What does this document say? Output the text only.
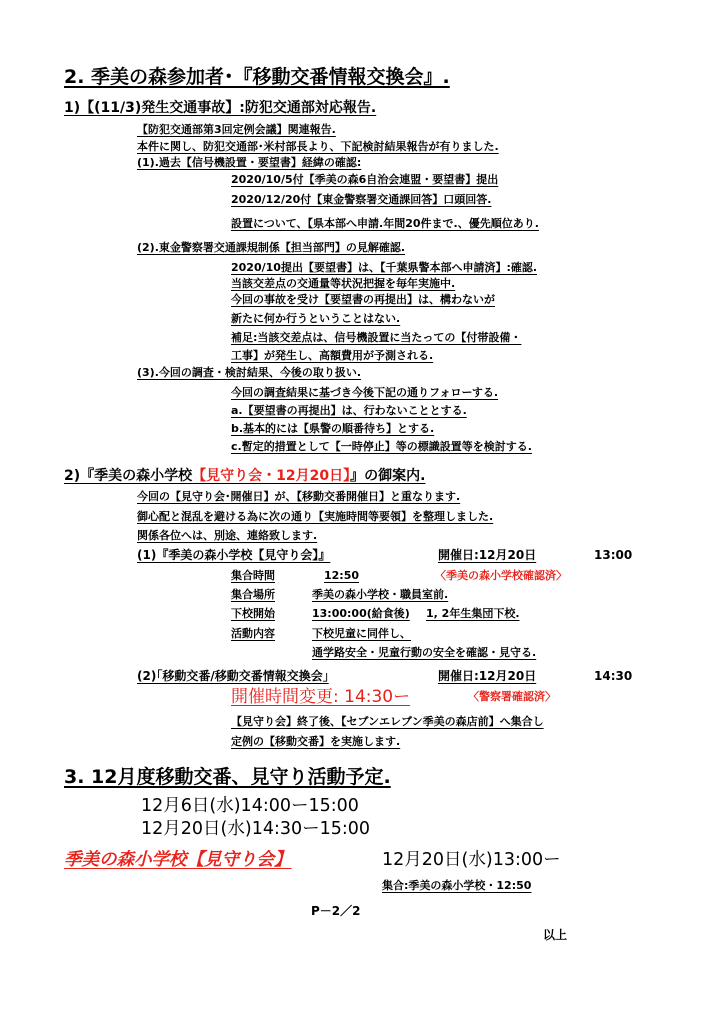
2. 季美の森参加者･『移動交番情報交換会』.
1)【(11/3)発生交通事故】:防犯交通部対応報告.
【防犯交通部第3回定例会議】関連報告.
本件に関し、防犯交通部･米村部長より、下記検討結果報告が有りました.
(1).過去【信号機設置・要望書】経緯の確認:
2020/10/5付【季美の森6自治会連盟・要望書】提出
2020/12/20付【東金警察署交通課回答】口頭回答.
設置について、【県本部へ申請.年間20件まで.、優先順位あり.
(2).東金警察署交通課規制係【担当部門】の見解確認.
2020/10提出【要望書】は、【千葉県警本部へ申請済】:確認.
当該交差点の交通量等状況把握を毎年実施中.
今回の事故を受け【要望書の再提出】は、構わないが
新たに何か行うということはない.
補足:当該交差点は、信号機設置に当たっての【付帯設備・
工事】が発生し、高額費用が予測される.
(3).今回の調査・検討結果、今後の取り扱い.
今回の調査結果に基づき今後下記の通りフォローする.
a.【要望書の再提出】は、行わないこととする.
b.基本的には【県警の順番待ち】とする.
c.暫定的措置として【一時停止】等の標識設置等を検討する.
2)『季美の森小学校【見守り会・12月20日】』の御案内.
今回の【見守り会･開催日】が、【移動交番開催日】と重なります.
御心配と混乱を避ける為に次の通り【実施時間等要領】を整理しました.
関係各位へは、別途、連絡致します.
(1)『季美の森小学校【見守り会】』	開催日:12月20日	13:00
集合時間	12:50	〈季美の森小学校確認済〉
集合場所	季美の森小学校・職員室前.
下校開始	13:00:00(給食後) 1, 2年生集団下校.
活動内容	下校児童に同伴し、
通学路安全・児童行動の安全を確認・見守る.
(2)｢移動交番/移動交番情報交換会｣	開催日:12月20日	14:30
開催時間変更: 14:30ー	〈警察署確認済〉
【見守り会】終了後、【セブンエレブン季美の森店前】へ集合し
定例の【移動交番】を実施します.
3. 12月度移動交番、見守り活動予定.
12月6日(水)14:00ー15:00
12月20日(水)14:30ー15:00
季美の森小学校【見守り会】	12月20日(水)13:00ー
集合:季美の森小学校・12:50
P－2／2
以上
